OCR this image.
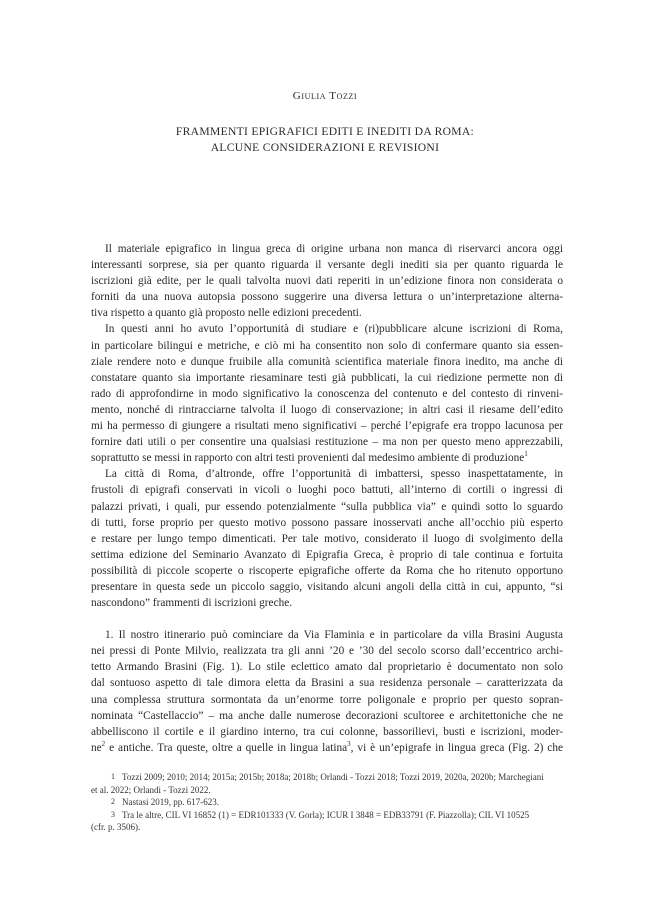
Giulia Tozzi
FRAMMENTI EPIGRAFICI EDITI E INEDITI DA ROMA:
ALCUNE CONSIDERAZIONI E REVISIONI

Il materiale epigrafico in lingua greca di origine urbana non manca di riservarci ancora oggi
interessanti sorprese, sia per quanto riguarda il versante degli inediti sia per quanto riguarda le
iscrizioni già edite, per le quali talvolta nuovi dati reperiti in un’edizione finora non considerata o
forniti da una nuova autopsia possono suggerire una diversa lettura o un’interpretazione alterna-
tiva rispetto a quanto già proposto nelle edizioni precedenti.

In questi anni ho avuto l’opportunità di studiare e (ri)pubblicare alcune iscrizioni di Roma,
in particolare bilingui e metriche, e ciò mi ha consentito non solo di confermare quanto sia essen-
ziale rendere noto e dunque fruibile alla comunità scientifica materiale finora inedito, ma anche di
constatare quanto sia importante riesaminare testi già pubblicati, la cui riedizione permette non di
rado di approfondirne in modo significativo la conoscenza del contenuto e del contesto di rinveni-
mento, nonché di rintracciarne talvolta il luogo di conservazione; in altri casi il riesame dell’edito
mi ha permesso di giungere a risultati meno significativi – perché l’epigrafe era troppo lacunosa per
fornire dati utili o per consentire una qualsiasi restituzione – ma non per questo meno apprezzabili,
soprattutto se messi in rapporto con altri testi provenienti dal medesimo ambiente di produzione$^1$

La città di Roma, d’altronde, offre l’opportunità di imbattersi, spesso inaspettatamente, in
frustoli di epigrafi conservati in vicoli o luoghi poco battuti, all’interno di cortili o ingressi di
palazzi privati, i quali, pur essendo potenzialmente “sulla pubblica via” e quindi sotto lo sguardo
di tutti, forse proprio per questo motivo possono passare inosservati anche all’occhio più esperto
e restare per lungo tempo dimenticati. Per tale motivo, considerato il luogo di svolgimento della
settima edizione del Seminario Avanzato di Epigrafia Greca, è proprio di tale continua e fortuita
possibilità di piccole scoperte o riscoperte epigrafiche offerte da Roma che ho ritenuto opportuno
presentare in questa sede un piccolo saggio, visitando alcuni angoli della città in cui, appunto, “si
nascondono” frammenti di iscrizioni greche.

1. Il nostro itinerario può cominciare da Via Flaminia e in particolare da villa Brasini Augusta
nei pressi di Ponte Milvio, realizzata tra gli anni ’20 e ’30 del secolo scorso dall’eccentrico archi-
tetto Armando Brasini (Fig. 1). Lo stile eclettico amato dal proprietario è documentato non solo
dal sontuoso aspetto di tale dimora eletta da Brasini a sua residenza personale – caratterizzata da
una complessa struttura sormontata da un’enorme torre poligonale e proprio per questo sopran-
nominata “Castellaccio” – ma anche dalle numerose decorazioni scultoree e architettoniche che ne
abbelliscono il cortile e il giardino interno, tra cui colonne, bassorilievi, busti e iscrizioni, moder-
$ne^2$ e antiche. Tra queste, oltre a quelle in lingua latina$^3$, vi è un’epigrafe in lingua greca (Fig. 2) che

1 Tozzi 2009; 2010; 2014; 2015a; 2015b; 2018a; 2018b; Orlandi - Tozzi 2018; Tozzi 2019, 2020a, 2020b; Marchegiani
et al. 2022; Orlandi - Tozzi 2022.
2 Nastasi 2019, pp. 617-623.
3 Tra le altre, CIL VI 16852 (1) = EDR101333 (V. Gorla); ICUR I 3848 = EDB33791 (F. Piazzolla); CIL VI 10525
(cfr. p. 3506).
